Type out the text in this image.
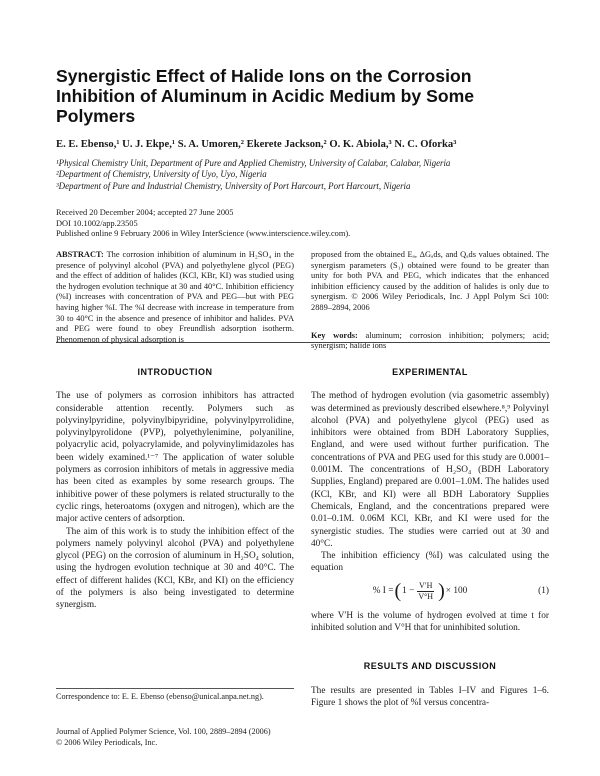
Synergistic Effect of Halide Ions on the Corrosion Inhibition of Aluminum in Acidic Medium by Some Polymers
E. E. Ebenso,¹ U. J. Ekpe,¹ S. A. Umoren,² Ekerete Jackson,² O. K. Abiola,³ N. C. Oforka³
¹Physical Chemistry Unit, Department of Pure and Applied Chemistry, University of Calabar, Calabar, Nigeria
²Department of Chemistry, University of Uyo, Uyo, Nigeria
³Department of Pure and Industrial Chemistry, University of Port Harcourt, Port Harcourt, Nigeria
Received 20 December 2004; accepted 27 June 2005
DOI 10.1002/app.23505
Published online 9 February 2006 in Wiley InterScience (www.interscience.wiley.com).
ABSTRACT: The corrosion inhibition of aluminum in H₂SO₄ in the presence of polyvinyl alcohol (PVA) and polyethylene glycol (PEG) and the effect of addition of halides (KCl, KBr, KI) was studied using the hydrogen evolution technique at 30 and 40°C. Inhibition efficiency (%I) increases with concentration of PVA and PEG—but with PEG having higher %I. The %I decrease with increase in temperature from 30 to 40°C in the absence and presence of inhibitor and halides. PVA and PEG were found to obey Freundlish adsorption isotherm. Phenomenon of physical adsorption is
proposed from the obtained Eₐ, ΔGₐds, and Qₐds values obtained. The synergism parameters (S₁) obtained were found to be greater than unity for both PVA and PEG, which indicates that the enhanced inhibition efficiency caused by the addition of halides is only due to synergism. © 2006 Wiley Periodicals, Inc. J Appl Polym Sci 100: 2889–2894, 2006
Key words: aluminum; corrosion inhibition; polymers; acid; synergism; halide ions
INTRODUCTION

The use of polymers as corrosion inhibitors has attracted considerable attention recently. Polymers such as polyvinylpyridine, polyvinylbipyridine, polyvinylpyrrolidine, polyvinylpyrolidone (PVP), polyethylenimine, polyaniline, polyacrylic acid, polyacrylamide, and polyvinylimidazoles has been widely examined.¹⁻⁷ The application of water soluble polymers as corrosion inhibitors of metals in aggressive media has been cited as examples by some research groups. The inhibitive power of these polymers is related structurally to the cyclic rings, heteroatoms (oxygen and nitrogen), which are the major active centers of adsorption.

The aim of this work is to study the inhibition effect of the polymers namely polyvinyl alcohol (PVA) and polyethylene glycol (PEG) on the corrosion of aluminum in H₂SO₄ solution, using the hydrogen evolution technique at 30 and 40°C. The effect of different halides (KCl, KBr, and KI) on the efficiency of the polymers is also being investigated to determine synergism.

EXPERIMENTAL

The method of hydrogen evolution (via gasometric assembly) was determined as previously described elsewhere.⁸,⁹ Polyvinyl alcohol (PVA) and polyethylene glycol (PEG) used as inhibitors were obtained from BDH Laboratory Supplies, England, and were used without further purification. The concentrations of PVA and PEG used for this study are 0.0001–0.001M. The concentrations of H₂SO₄ (BDH Laboratory Supplies, England) prepared are 0.001–1.0M. The halides used (KCl, KBr, and KI) were all BDH Laboratory Supplies Chemicals, England, and the concentrations prepared were 0.01–0.1M. 0.06M KCl, KBr, and KI were used for the synergistic studies. The studies were carried out at 30 and 40°C.

The inhibition efficiency (%I) was calculated using the equation

% I = ( $1 - \frac{V'H}{V^\circ H}$ ) × 100	(1)

where V′H is the volume of hydrogen evolved at time t for inhibited solution and V°H that for uninhibited solution.

RESULTS AND DISCUSSION

The results are presented in Tables I–IV and Figures 1–6. Figure 1 shows the plot of %I versus concentra-

Correspondence to: E. E. Ebenso (ebenso@unical.anpa.net.ng).
Journal of Applied Polymer Science, Vol. 100, 2889–2894 (2006)
© 2006 Wiley Periodicals, Inc.
